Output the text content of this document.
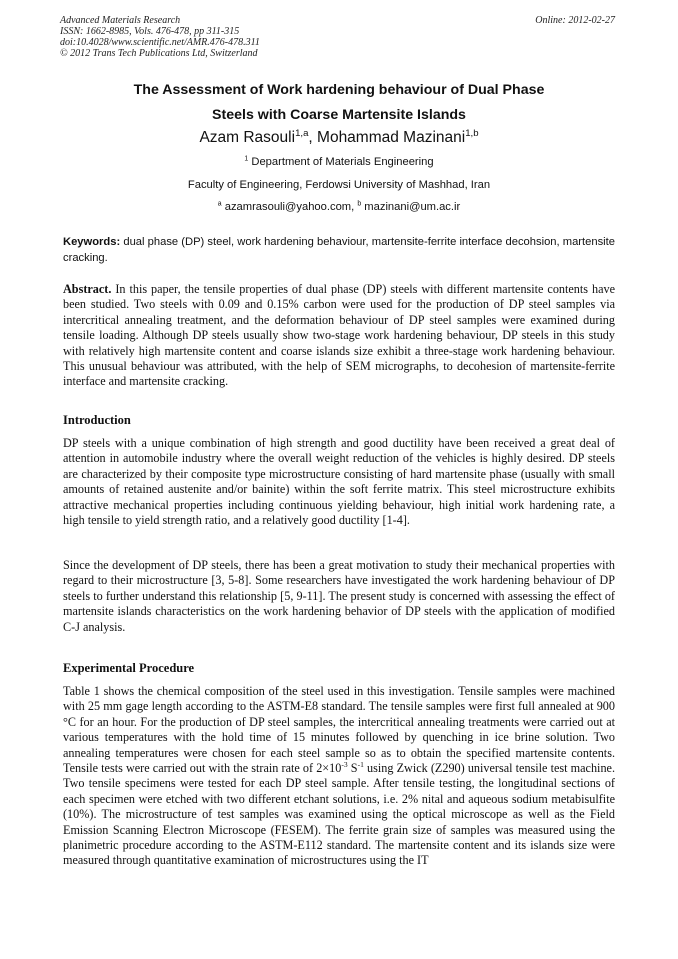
Advanced Materials Research
ISSN: 1662-8985, Vols. 476-478, pp 311-315
doi:10.4028/www.scientific.net/AMR.476-478.311
© 2012 Trans Tech Publications Ltd, Switzerland
Online: 2012-02-27
The Assessment of Work hardening behaviour of Dual Phase
Steels with Coarse Martensite Islands
Azam Rasouli$^{1,a}$, Mohammad Mazinani$^{1,b}$
$^1$ Department of Materials Engineering
Faculty of Engineering, Ferdowsi University of Mashhad, Iran
$^a$ azamrasouli@yahoo.com, $^b$ mazinani@um.ac.ir
Keywords: dual phase (DP) steel, work hardening behaviour, martensite-ferrite interface decohsion, martensite cracking.
Abstract. In this paper, the tensile properties of dual phase (DP) steels with different martensite contents have been studied. Two steels with 0.09 and 0.15% carbon were used for the production of DP steel samples via intercritical annealing treatment, and the deformation behaviour of DP steel samples were examined during tensile loading. Although DP steels usually show two-stage work hardening behaviour, DP steels in this study with relatively high martensite content and coarse islands size exhibit a three-stage work hardening behaviour. This unusual behaviour was attributed, with the help of SEM micrographs, to decohesion of martensite-ferrite interface and martensite cracking.
Introduction
DP steels with a unique combination of high strength and good ductility have been received a great deal of attention in automobile industry where the overall weight reduction of the vehicles is highly desired. DP steels are characterized by their composite type microstructure consisting of hard martensite phase (usually with small amounts of retained austenite and/or bainite) within the soft ferrite matrix. This steel microstructure exhibits attractive mechanical properties including continuous yielding behaviour, high initial work hardening rate, a high tensile to yield strength ratio, and a relatively good ductility [1-4].
Since the development of DP steels, there has been a great motivation to study their mechanical properties with regard to their microstructure [3, 5-8]. Some researchers have investigated the work hardening behaviour of DP steels to further understand this relationship [5, 9-11]. The present study is concerned with assessing the effect of martensite islands characteristics on the work hardening behavior of DP steels with the application of modified C-J analysis.
Experimental Procedure
Table 1 shows the chemical composition of the steel used in this investigation. Tensile samples were machined with 25 mm gage length according to the ASTM-E8 standard. The tensile samples were first full annealed at 900 °C for an hour. For the production of DP steel samples, the intercritical annealing treatments were carried out at various temperatures with the hold time of 15 minutes followed by quenching in ice brine solution. Two annealing temperatures were chosen for each steel sample so as to obtain the specified martensite contents. Tensile tests were carried out with the strain rate of $2\times 10^{-3}$ $S^{-1}$ using Zwick (Z290) universal tensile test machine. Two tensile specimens were tested for each DP steel sample. After tensile testing, the longitudinal sections of each specimen were etched with two different etchant solutions, i.e. 2% nital and aqueous sodium metabisulfite (10%). The microstructure of test samples was examined using the optical microscope as well as the Field Emission Scanning Electron Microscope (FESEM). The ferrite grain size of samples was measured using the planimetric procedure according to the ASTM-E112 standard. The martensite content and its islands size were measured through quantitative examination of microstructures using the IT
